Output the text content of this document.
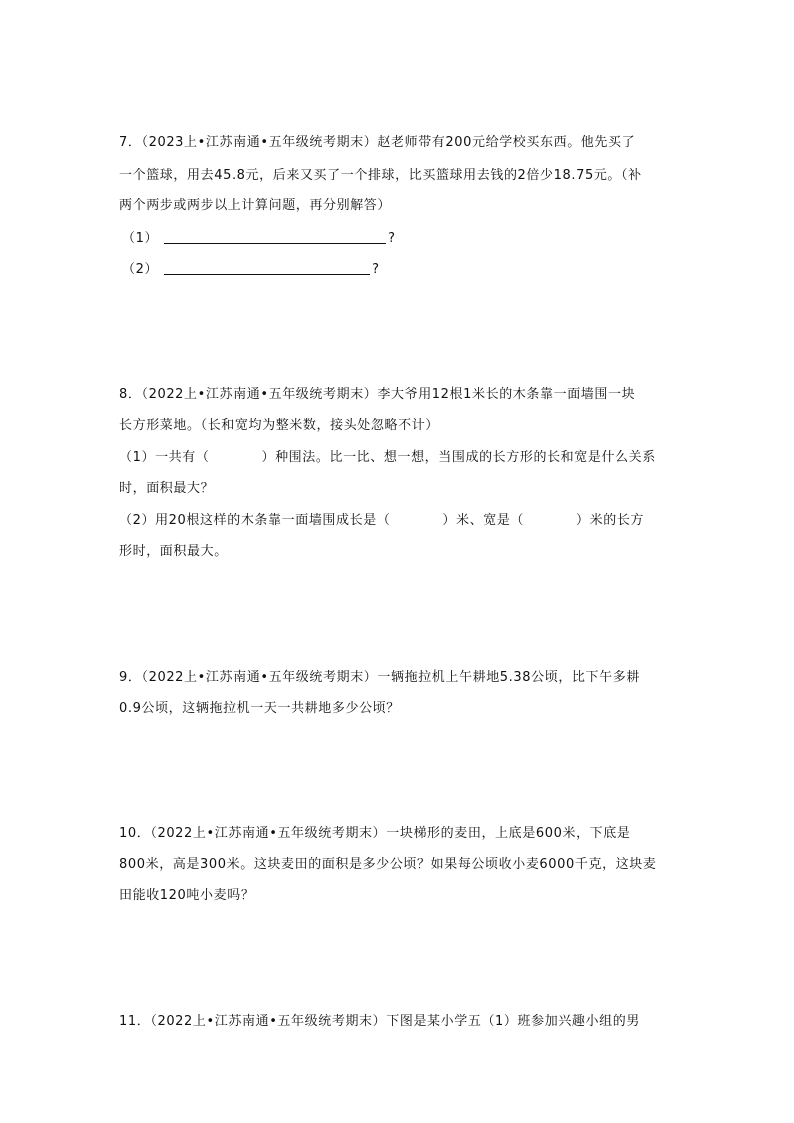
7．（2023上•江苏南通•五年级统考期末）赵老师带有200元给学校买东西。他先买了
一个篮球，用去45.8元，后来又买了一个排球，比买篮球用去钱的2倍少18.75元。（补
两个两步或两步以上计算问题，再分别解答）
（1）	?
（2）	?
8．（2022上•江苏南通•五年级统考期末）李大爷用12根1米长的木条靠一面墙围一块
长方形菜地。（长和宽均为整米数，接头处忽略不计）
（1）一共有（	）种围法。比一比、想一想，当围成的长方形的长和宽是什么关系
时，面积最大？
（2）用20根这样的木条靠一面墙围成长是（	）米、宽是（	）米的长方
形时，面积最大。
9．（2022上•江苏南通•五年级统考期末）一辆拖拉机上午耕地5.38公顷，比下午多耕
0.9公顷，这辆拖拉机一天一共耕地多少公顷？
10．（2022上•江苏南通•五年级统考期末）一块梯形的麦田，上底是600米，下底是
800米，高是300米。这块麦田的面积是多少公顷？如果每公顷收小麦6000千克，这块麦
田能收120吨小麦吗？
11．（2022上•江苏南通•五年级统考期末）下图是某小学五（1）班参加兴趣小组的男
